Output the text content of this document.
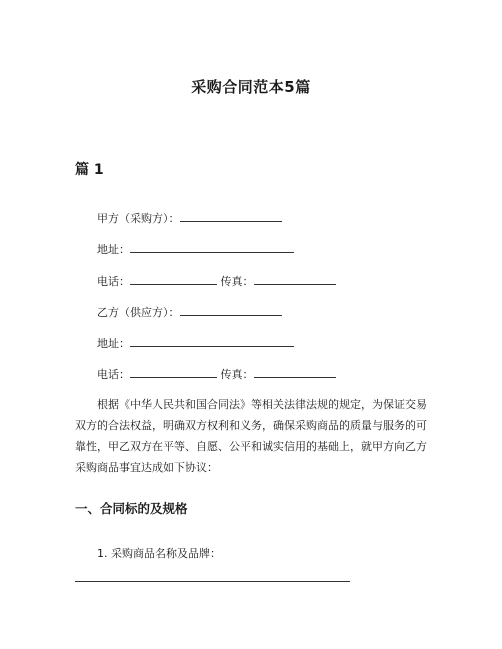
采购合同范本5篇
篇 1
甲方（采购方）：
地址：
电话：	传真：
乙方（供应方）：
地址：
电话：	传真：
根据《中华人民共和国合同法》等相关法律法规的规定，为保证交易双方的合法权益，明确双方权利和义务，确保采购商品的质量与服务的可靠性，甲乙双方在平等、自愿、公平和诚实信用的基础上，就甲方向乙方采购商品事宜达成如下协议：
一、合同标的及规格
1. 采购商品名称及品牌：
